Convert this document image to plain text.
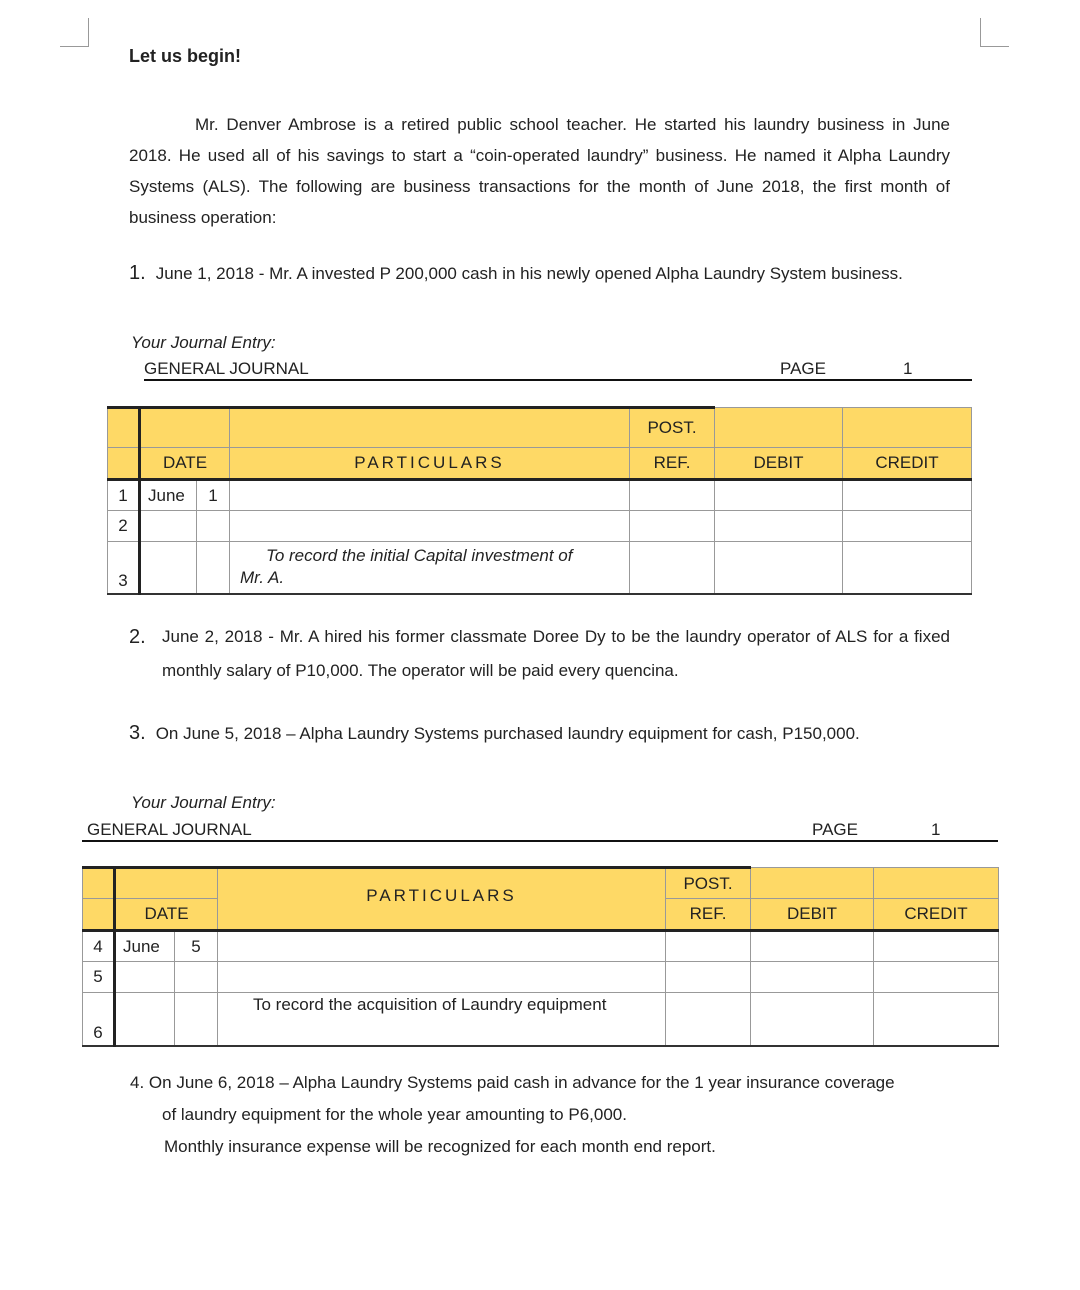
Let us begin!
Mr. Denver Ambrose is a retired public school teacher. He started his laundry business in June 2018. He used all of his savings to start a “coin-operated laundry” business. He named it Alpha Laundry Systems (ALS). The following are business transactions for the month of June 2018, the first month of business operation:
1. June 1, 2018 - Mr. A invested P 200,000 cash in his newly opened Alpha Laundry System business.
Your Journal Entry:
GENERAL JOURNAL	PAGE	1
				POST.		
	DATE		PARTICULARS	REF.	DEBIT	CREDIT
1	June	1				
2						
3			To record the initial Capital investment of
Mr. A.			

2. June 2, 2018 - Mr. A hired his former classmate Doree Dy to be the laundry operator of ALS for a fixed monthly salary of P10,000. The operator will be paid every quencina.
3. On June 5, 2018 – Alpha Laundry Systems purchased laundry equipment for cash, P150,000.
Your Journal Entry:
GENERAL JOURNAL	PAGE	1
			PARTICULARS	POST.		
	DATE			REF.	DEBIT	CREDIT
4	June	5				
5						
6			To record the acquisition of Laundry equipment			
4. On June 6, 2018 – Alpha Laundry Systems paid cash in advance for the 1 year insurance coverage
of laundry equipment for the whole year amounting to P6,000.
Monthly insurance expense will be recognized for each month end report.
